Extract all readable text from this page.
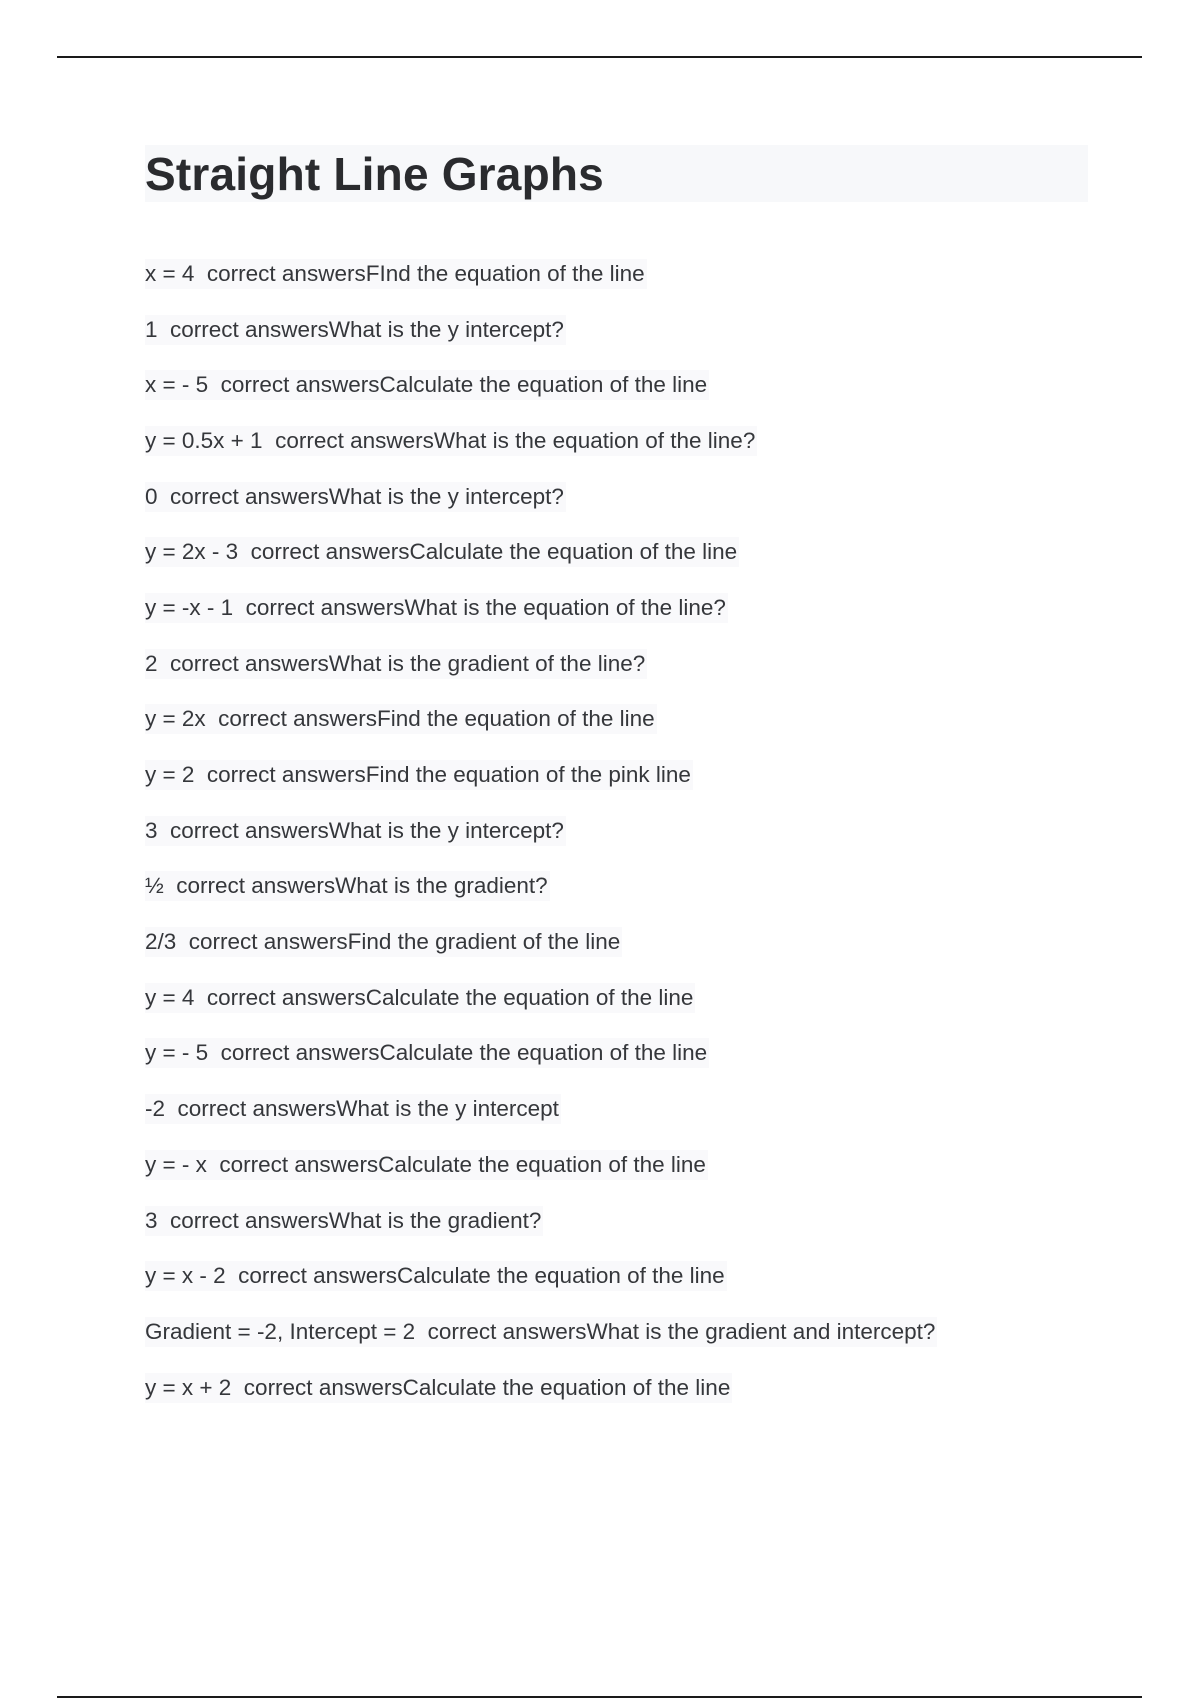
Straight Line Graphs
x = 4  correct answersFInd the equation of the line
1  correct answersWhat is the y intercept?
x = - 5  correct answersCalculate the equation of the line
y = 0.5x + 1  correct answersWhat is the equation of the line?
0  correct answersWhat is the y intercept?
y = 2x - 3  correct answersCalculate the equation of the line
y = -x - 1  correct answersWhat is the equation of the line?
2  correct answersWhat is the gradient of the line?
y = 2x  correct answersFind the equation of the line
y = 2  correct answersFind the equation of the pink line
3  correct answersWhat is the y intercept?
½  correct answersWhat is the gradient?
2/3  correct answersFind the gradient of the line
y = 4  correct answersCalculate the equation of the line
y = - 5  correct answersCalculate the equation of the line
-2  correct answersWhat is the y intercept
y = - x  correct answersCalculate the equation of the line
3  correct answersWhat is the gradient?
y = x - 2  correct answersCalculate the equation of the line
Gradient = -2, Intercept = 2  correct answersWhat is the gradient and intercept?
y = x + 2  correct answersCalculate the equation of the line
